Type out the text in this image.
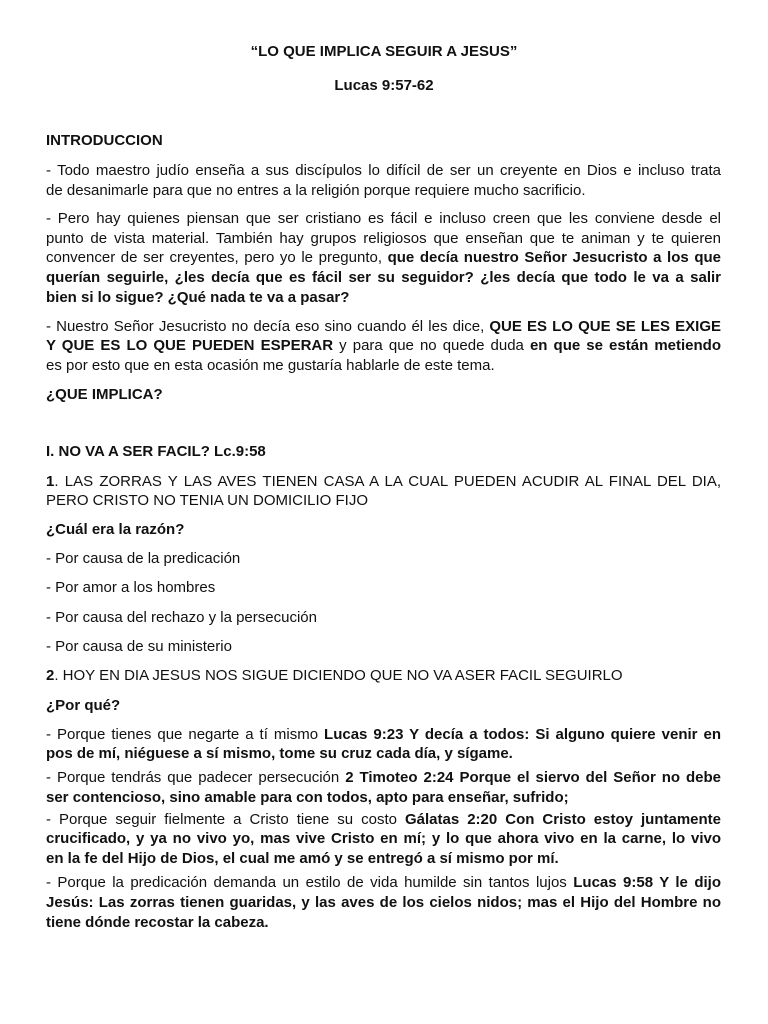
“LO QUE IMPLICA SEGUIR A JESUS”
Lucas 9:57-62
INTRODUCCION
- Todo maestro judío enseña a sus discípulos lo difícil de ser un creyente en Dios e incluso trata
de desanimarle para que no entres a la religión porque requiere mucho sacrificio.
- Pero hay quienes piensan que ser cristiano es fácil e incluso creen que les conviene desde el
punto de vista material. También hay grupos religiosos que enseñan que te animan y te quieren
convencer de ser creyentes, pero yo le pregunto, que decía nuestro Señor Jesucristo a los que
querían seguirle, ¿les decía que es fácil ser su seguidor? ¿les decía que todo le va a salir
bien si lo sigue? ¿Qué nada te va a pasar?
- Nuestro Señor Jesucristo no decía eso sino cuando él les dice, QUE ES LO QUE SE LES EXIGE
Y QUE ES LO QUE PUEDEN ESPERAR y para que no quede duda en que se están metiendo
es por esto que en esta ocasión me gustaría hablarle de este tema.
¿QUE IMPLICA?
I. NO VA A SER FACIL? Lc.9:58
1. LAS ZORRAS Y LAS AVES TIENEN CASA A LA CUAL PUEDEN ACUDIR AL FINAL DEL DIA,
PERO CRISTO NO TENIA UN DOMICILIO FIJO
¿Cuál era la razón?
- Por causa de la predicación
- Por amor a los hombres
- Por causa del rechazo y la persecución
- Por causa de su ministerio
2. HOY EN DIA JESUS NOS SIGUE DICIENDO QUE NO VA ASER FACIL SEGUIRLO
¿Por qué?
- Porque tienes que negarte a tí mismo Lucas 9:23 Y decía a todos: Si alguno quiere venir en
pos de mí, niéguese a sí mismo, tome su cruz cada día, y sígame.
- Porque tendrás que padecer persecución 2 Timoteo 2:24 Porque el siervo del Señor no debe
ser contencioso, sino amable para con todos, apto para enseñar, sufrido;
- Porque seguir fielmente a Cristo tiene su costo Gálatas 2:20 Con Cristo estoy juntamente
crucificado, y ya no vivo yo, mas vive Cristo en mí; y lo que ahora vivo en la carne, lo vivo
en la fe del Hijo de Dios, el cual me amó y se entregó a sí mismo por mí.
- Porque la predicación demanda un estilo de vida humilde sin tantos lujos Lucas 9:58 Y le dijo
Jesús: Las zorras tienen guaridas, y las aves de los cielos nidos; mas el Hijo del Hombre no
tiene dónde recostar la cabeza.
